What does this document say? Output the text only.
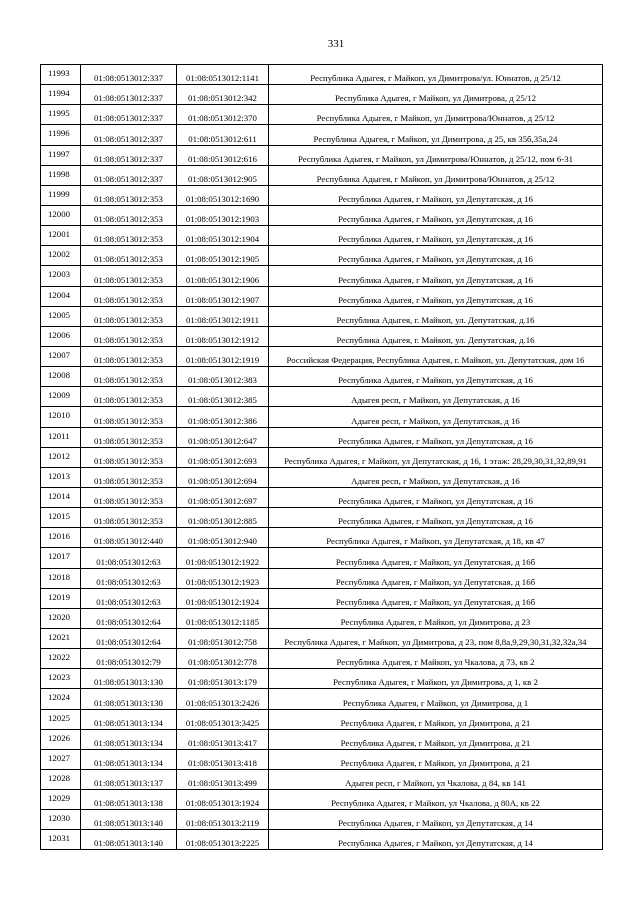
331
11993	01:08:0513012:337	01:08:0513012:1141	Республика Адыгея, г Майкоп, ул Димитрова/ул. Юннатов, д 25/12
11994	01:08:0513012:337	01:08:0513012:342	Республика Адыгея, г Майкоп, ул Димитрова, д 25/12
11995	01:08:0513012:337	01:08:0513012:370	Республика Адыгея, г Майкоп, ул Димитрова/Юннатов, д 25/12
11996	01:08:0513012:337	01:08:0513012:611	Республика Адыгея, г Майкоп, ул Димитрова, д 25, кв 35б,35а,24
11997	01:08:0513012:337	01:08:0513012:616	Республика Адыгея, г Майкоп, ул Димитрова/Юннатов, д 25/12, пом 6-31
11998	01:08:0513012:337	01:08:0513012:905	Республика Адыгея, г Майкоп, ул Димитрова/Юннатов, д 25/12
11999	01:08:0513012:353	01:08:0513012:1690	Республика Адыгея, г Майкоп, ул Депутатская, д 16
12000	01:08:0513012:353	01:08:0513012:1903	Республика Адыгея, г Майкоп, ул Депутатская, д 16
12001	01:08:0513012:353	01:08:0513012:1904	Республика Адыгея, г Майкоп, ул Депутатская, д 16
12002	01:08:0513012:353	01:08:0513012:1905	Республика Адыгея, г Майкоп, ул Депутатская, д 16
12003	01:08:0513012:353	01:08:0513012:1906	Республика Адыгея, г Майкоп, ул Депутатская, д 16
12004	01:08:0513012:353	01:08:0513012:1907	Республика Адыгея, г Майкоп, ул Депутатская, д 16
12005	01:08:0513012:353	01:08:0513012:1911	Республика Адыгея, г. Майкоп, ул. Депутатская, д.16
12006	01:08:0513012:353	01:08:0513012:1912	Республика Адыгея, г. Майкоп, ул. Депутатская, д.16
12007	01:08:0513012:353	01:08:0513012:1919	Российская Федерация, Республика Адыгея, г. Майкоп, ул. Депутатская, дом 16
12008	01:08:0513012:353	01:08:0513012:383	Республика Адыгея, г Майкоп, ул Депутатская, д 16
12009	01:08:0513012:353	01:08:0513012:385	Адыгея респ, г Майкоп, ул Депутатская, д 16
12010	01:08:0513012:353	01:08:0513012:386	Адыгея респ, г Майкоп, ул Депутатская, д 16
12011	01:08:0513012:353	01:08:0513012:647	Республика Адыгея, г Майкоп, ул Депутатская, д 16
12012	01:08:0513012:353	01:08:0513012:693	Республика Адыгея, г Майкоп, ул Депутатская, д 16, 1 этаж: 28,29,30,31,32,89,91
12013	01:08:0513012:353	01:08:0513012:694	Адыгея респ, г Майкоп, ул Депутатская, д 16
12014	01:08:0513012:353	01:08:0513012:697	Республика Адыгея, г Майкоп, ул Депутатская, д 16
12015	01:08:0513012:353	01:08:0513012:885	Республика Адыгея, г Майкоп, ул Депутатская, д 16
12016	01:08:0513012:440	01:08:0513012:940	Республика Адыгея, г Майкоп, ул Депутатская, д 18, кв 47
12017	01:08:0513012:63	01:08:0513012:1922	Республика Адыгея, г Майкоп, ул Депутатская, д 16б
12018	01:08:0513012:63	01:08:0513012:1923	Республика Адыгея, г Майкоп, ул Депутатская, д 16б
12019	01:08:0513012:63	01:08:0513012:1924	Республика Адыгея, г Майкоп, ул Депутатская, д 16б
12020	01:08:0513012:64	01:08:0513012:1185	Республика Адыгея, г Майкоп, ул Димитрова, д 23
12021	01:08:0513012:64	01:08:0513012:758	Республика Адыгея, г Майкоп, ул Димитрова, д 23, пом 8,8а,9,29,30,31,32,32а,34
12022	01:08:0513012:79	01:08:0513012:778	Республика Адыгея, г Майкоп, ул Чкалова, д 73, кв 2
12023	01:08:0513013:130	01:08:0513013:179	Республика Адыгея, г Майкоп, ул Димитрова, д 1, кв 2
12024	01:08:0513013:130	01:08:0513013:2426	Республика Адыгея, г Майкоп, ул Димитрова, д 1
12025	01:08:0513013:134	01:08:0513013:3425	Республика Адыгея, г Майкоп, ул Димитрова, д 21
12026	01:08:0513013:134	01:08:0513013:417	Республика Адыгея, г Майкоп, ул Димитрова, д 21
12027	01:08:0513013:134	01:08:0513013:418	Республика Адыгея, г Майкоп, ул Димитрова, д 21
12028	01:08:0513013:137	01:08:0513013:499	Адыгея респ, г Майкоп, ул Чкалова, д 84, кв 141
12029	01:08:0513013:138	01:08:0513013:1924	Республика Адыгея, г Майкоп, ул Чкалова, д 80А, кв 22
12030	01:08:0513013:140	01:08:0513013:2119	Республика Адыгея, г Майкоп, ул Депутатская, д 14
12031	01:08:0513013:140	01:08:0513013:2225	Республика Адыгея, г Майкоп, ул Депутатская, д 14
